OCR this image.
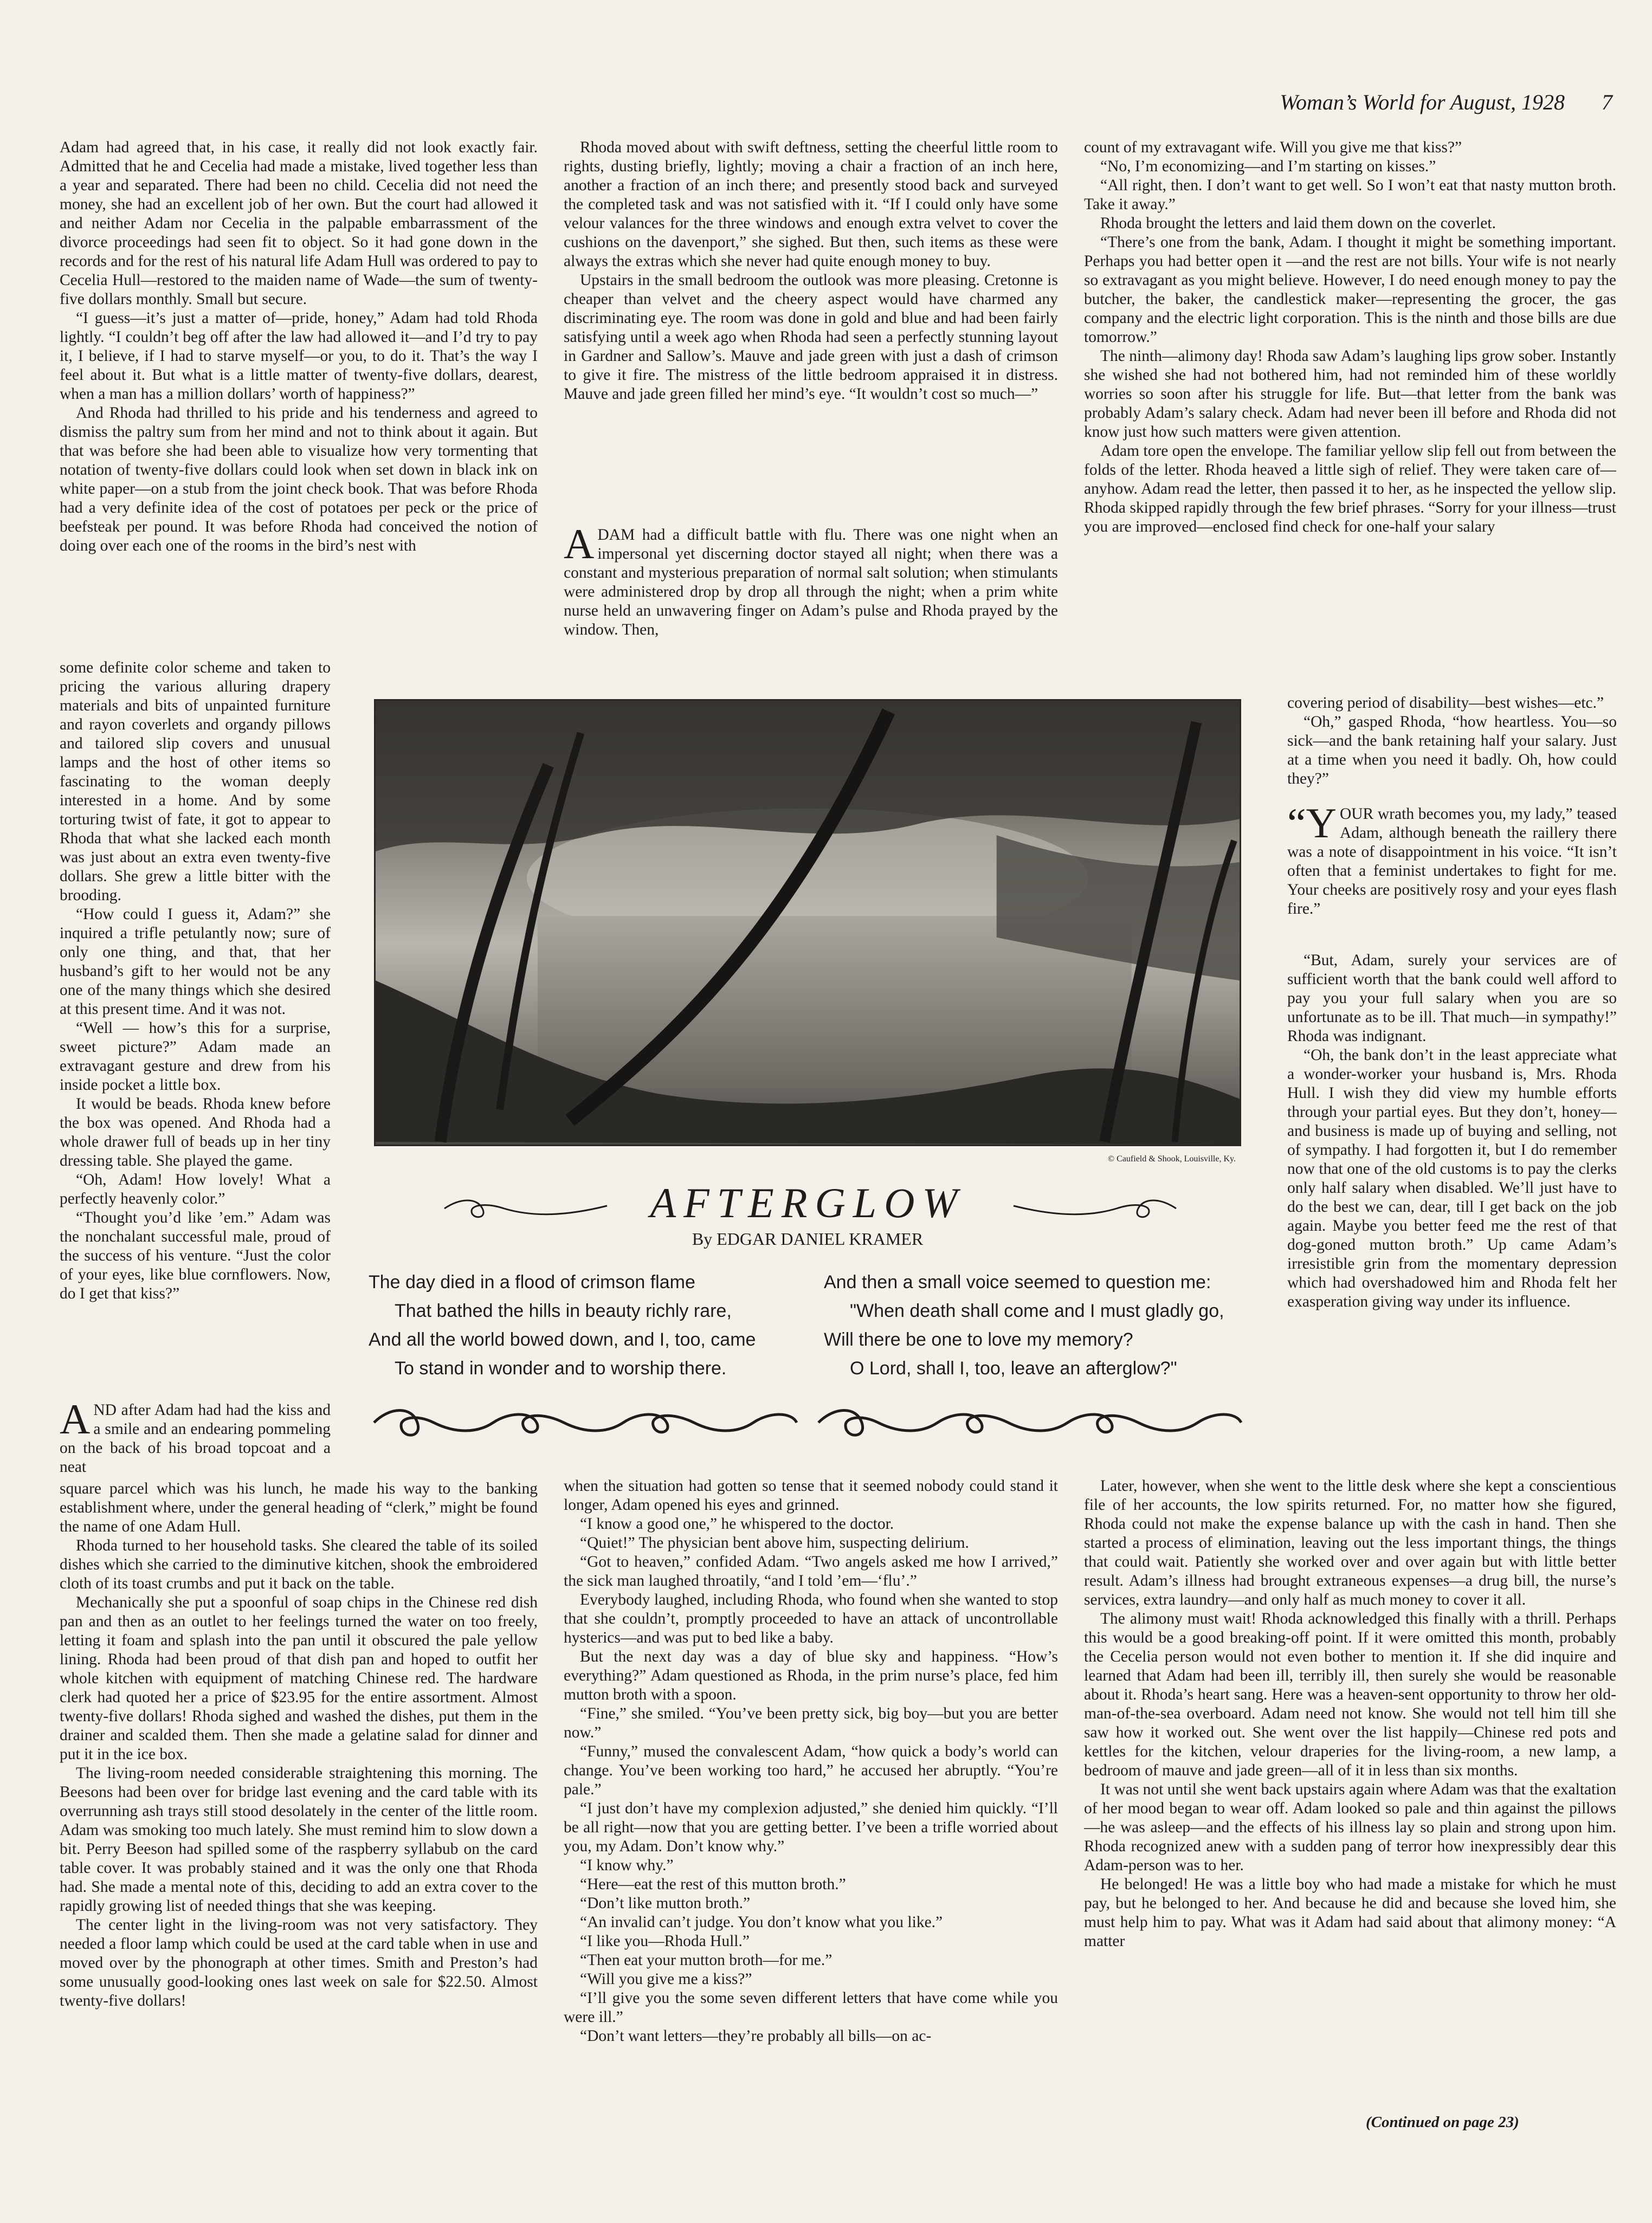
Woman’s World for August, 1928 7

Adam had agreed that, in his case, it really did not look exactly fair. Admitted that he and Cecelia had made a mistake, lived together less than a year and separated. There had been no child. Cecelia did not need the money, she had an excellent job of her own. But the court had allowed it and neither Adam nor Cecelia in the palpable embarrassment of the divorce proceedings had seen fit to object. So it had gone down in the records and for the rest of his natural life Adam Hull was ordered to pay to Cecelia Hull—restored to the maiden name of Wade—the sum of twenty-five dollars monthly. Small but secure.

“I guess—it’s just a matter of—pride, honey,” Adam had told Rhoda lightly. “I couldn’t beg off after the law had allowed it—and I’d try to pay it, I believe, if I had to starve myself—or you, to do it. That’s the way I feel about it. But what is a little matter of twenty-five dollars, dearest, when a man has a million dollars’ worth of happiness?”

And Rhoda had thrilled to his pride and his tenderness and agreed to dismiss the paltry sum from her mind and not to think about it again. But that was before she had been able to visualize how very tormenting that notation of twenty-five dollars could look when set down in black ink on white paper—on a stub from the joint check book. That was before Rhoda had a very definite idea of the cost of potatoes per peck or the price of beefsteak per pound. It was before Rhoda had conceived the notion of doing over each one of the rooms in the bird’s nest with

some definite color scheme and taken to pricing the various alluring drapery materials and bits of unpainted furniture and rayon coverlets and organdy pillows and tailored slip covers and unusual lamps and the host of other items so fascinating to the woman deeply interested in a home. And by some torturing twist of fate, it got to appear to Rhoda that what she lacked each month was just about an extra even twenty-five dollars. She grew a little bitter with the brooding.

“How could I guess it, Adam?” she inquired a trifle petulantly now; sure of only one thing, and that, that her husband’s gift to her would not be any one of the many things which she desired at this present time. And it was not.

“Well — how’s this for a surprise, sweet picture?” Adam made an extravagant gesture and drew from his inside pocket a little box.

It would be beads. Rhoda knew before the box was opened. And Rhoda had a whole drawer full of beads up in her tiny dressing table. She played the game.

“Oh, Adam! How lovely! What a perfectly heavenly color.”

“Thought you’d like ’em.” Adam was the nonchalant successful male, proud of the success of his venture. “Just the color of your eyes, like blue cornflowers. Now, do I get that kiss?”

AND after Adam had had the kiss and a smile and an endearing pommeling on the back of his broad topcoat and a neat

square parcel which was his lunch, he made his way to the banking establishment where, under the general heading of “clerk,” might be found the name of one Adam Hull.

Rhoda turned to her household tasks. She cleared the table of its soiled dishes which she carried to the diminutive kitchen, shook the embroidered cloth of its toast crumbs and put it back on the table.

Mechanically she put a spoonful of soap chips in the Chinese red dish pan and then as an outlet to her feelings turned the water on too freely, letting it foam and splash into the pan until it obscured the pale yellow lining. Rhoda had been proud of that dish pan and hoped to outfit her whole kitchen with equipment of matching Chinese red. The hardware clerk had quoted her a price of $23.95 for the entire assortment. Almost twenty-five dollars! Rhoda sighed and washed the dishes, put them in the drainer and scalded them. Then she made a gelatine salad for dinner and put it in the ice box.

The living-room needed considerable straightening this morning. The Beesons had been over for bridge last evening and the card table with its overrunning ash trays still stood desolately in the center of the little room. Adam was smoking too much lately. She must remind him to slow down a bit. Perry Beeson had spilled some of the raspberry syllabub on the card table cover. It was probably stained and it was the only one that Rhoda had. She made a mental note of this, deciding to add an extra cover to the rapidly growing list of needed things that she was keeping.

The center light in the living-room was not very satisfactory. They needed a floor lamp which could be used at the card table when in use and moved over by the phonograph at other times. Smith and Preston’s had some unusually good-looking ones last week on sale for $22.50. Almost twenty-five dollars!

Rhoda moved about with swift deftness, setting the cheerful little room to rights, dusting briefly, lightly; moving a chair a fraction of an inch here, another a fraction of an inch there; and presently stood back and surveyed the completed task and was not satisfied with it. “If I could only have some velour valances for the three windows and enough extra velvet to cover the cushions on the davenport,” she sighed. But then, such items as these were always the extras which she never had quite enough money to buy.

Upstairs in the small bedroom the outlook was more pleasing. Cretonne is cheaper than velvet and the cheery aspect would have charmed any discriminating eye. The room was done in gold and blue and had been fairly satisfying until a week ago when Rhoda had seen a perfectly stunning layout in Gardner and Sallow’s. Mauve and jade green with just a dash of crimson to give it fire. The mistress of the little bedroom appraised it in distress. Mauve and jade green filled her mind’s eye. “It wouldn’t cost so much—”

ADAM had a difficult battle with flu. There was one night when an impersonal yet discerning doctor stayed all night; when there was a constant and mysterious preparation of normal salt solution; when stimulants were administered drop by drop all through the night; when a prim white nurse held an unwavering finger on Adam’s pulse and Rhoda prayed by the window. Then,

when the situation had gotten so tense that it seemed nobody could stand it longer, Adam opened his eyes and grinned.

“I know a good one,” he whispered to the doctor.

“Quiet!” The physician bent above him, suspecting delirium.

“Got to heaven,” confided Adam. “Two angels asked me how I arrived,” the sick man laughed throatily, “and I told ’em—‘flu’.”

Everybody laughed, including Rhoda, who found when she wanted to stop that she couldn’t, promptly proceeded to have an attack of uncontrollable hysterics—and was put to bed like a baby.

But the next day was a day of blue sky and happiness. “How’s everything?” Adam questioned as Rhoda, in the prim nurse’s place, fed him mutton broth with a spoon.

“Fine,” she smiled. “You’ve been pretty sick, big boy—but you are better now.”

“Funny,” mused the convalescent Adam, “how quick a body’s world can change. You’ve been working too hard,” he accused her abruptly. “You’re pale.”

“I just don’t have my complexion adjusted,” she denied him quickly. “I’ll be all right—now that you are getting better. I’ve been a trifle worried about you, my Adam. Don’t know why.”

“I know why.”

“Here—eat the rest of this mutton broth.”

“Don’t like mutton broth.”

“An invalid can’t judge. You don’t know what you like.”

“I like you—Rhoda Hull.”

“Then eat your mutton broth—for me.”

“Will you give me a kiss?”

“I’ll give you the some seven different letters that have come while you were ill.”

“Don’t want letters—they’re probably all bills—on ac-

count of my extravagant wife. Will you give me that kiss?”

“No, I’m economizing—and I’m starting on kisses.”

“All right, then. I don’t want to get well. So I won’t eat that nasty mutton broth. Take it away.”

Rhoda brought the letters and laid them down on the coverlet.

“There’s one from the bank, Adam. I thought it might be something important. Perhaps you had better open it —and the rest are not bills. Your wife is not nearly so extravagant as you might believe. However, I do need enough money to pay the butcher, the baker, the candlestick maker—representing the grocer, the gas company and the electric light corporation. This is the ninth and those bills are due tomorrow.”

The ninth—alimony day! Rhoda saw Adam’s laughing lips grow sober. Instantly she wished she had not bothered him, had not reminded him of these worldly worries so soon after his struggle for life. But—that letter from the bank was probably Adam’s salary check. Adam had never been ill before and Rhoda did not know just how such matters were given attention.

Adam tore open the envelope. The familiar yellow slip fell out from between the folds of the letter. Rhoda heaved a little sigh of relief. They were taken care of—anyhow. Adam read the letter, then passed it to her, as he inspected the yellow slip. Rhoda skipped rapidly through the few brief phrases. “Sorry for your illness—trust you are improved—enclosed find check for one-half your salary

covering period of disability—best wishes—etc.”

“Oh,” gasped Rhoda, “how heartless. You—so sick—and the bank retaining half your salary. Just at a time when you need it badly. Oh, how could they?”

“YOUR wrath becomes you, my lady,” teased Adam, although beneath the raillery there was a note of disappointment in his voice. “It isn’t often that a feminist undertakes to fight for me. Your cheeks are positively rosy and your eyes flash fire.”

“But, Adam, surely your services are of sufficient worth that the bank could well afford to pay you your full salary when you are so unfortunate as to be ill. That much—in sympathy!” Rhoda was indignant.

“Oh, the bank don’t in the least appreciate what a wonder-worker your husband is, Mrs. Rhoda Hull. I wish they did view my humble efforts through your partial eyes. But they don’t, honey—and business is made up of buying and selling, not of sympathy. I had forgotten it, but I do remember now that one of the old customs is to pay the clerks only half salary when disabled. We’ll just have to do the best we can, dear, till I get back on the job again. Maybe you better feed me the rest of that dog-goned mutton broth.” Up came Adam’s irresistible grin from the momentary depression which had overshadowed him and Rhoda felt her exasperation giving way under its influence.

Later, however, when she went to the little desk where she kept a conscientious file of her accounts, the low spirits returned. For, no matter how she figured, Rhoda could not make the expense balance up with the cash in hand. Then she started a process of elimination, leaving out the less important things, the things that could wait. Patiently she worked over and over again but with little better result. Adam’s illness had brought extraneous expenses—a drug bill, the nurse’s services, extra laundry—and only half as much money to cover it all.

The alimony must wait! Rhoda acknowledged this finally with a thrill. Perhaps this would be a good breaking-off point. If it were omitted this month, probably the Cecelia person would not even bother to mention it. If she did inquire and learned that Adam had been ill, terribly ill, then surely she would be reasonable about it. Rhoda’s heart sang. Here was a heaven-sent opportunity to throw her old-man-of-the-sea overboard. Adam need not know. She would not tell him till she saw how it worked out. She went over the list happily—Chinese red pots and kettles for the kitchen, velour draperies for the living-room, a new lamp, a bedroom of mauve and jade green—all of it in less than six months.

It was not until she went back upstairs again where Adam was that the exaltation of her mood began to wear off. Adam looked so pale and thin against the pillows—he was asleep—and the effects of his illness lay so plain and strong upon him. Rhoda recognized anew with a sudden pang of terror how inexpressibly dear this Adam-person was to her.

He belonged! He was a little boy who had made a mistake for which he must pay, but he belonged to her. And because he did and because she loved him, she must help him to pay. What was it Adam had said about that alimony money: “A matter

(Continued on page 23)
© Caufield & Shook, Louisville, Ky.
AFTERGLOW
By EDGAR DANIEL KRAMER
The day died in a flood of crimson flame
That bathed the hills in beauty richly rare,
And all the world bowed down, and I, too, came
To stand in wonder and to worship there.
And then a small voice seemed to question me:
"When death shall come and I must gladly go,
Will there be one to love my memory?
O Lord, shall I, too, leave an afterglow?"
